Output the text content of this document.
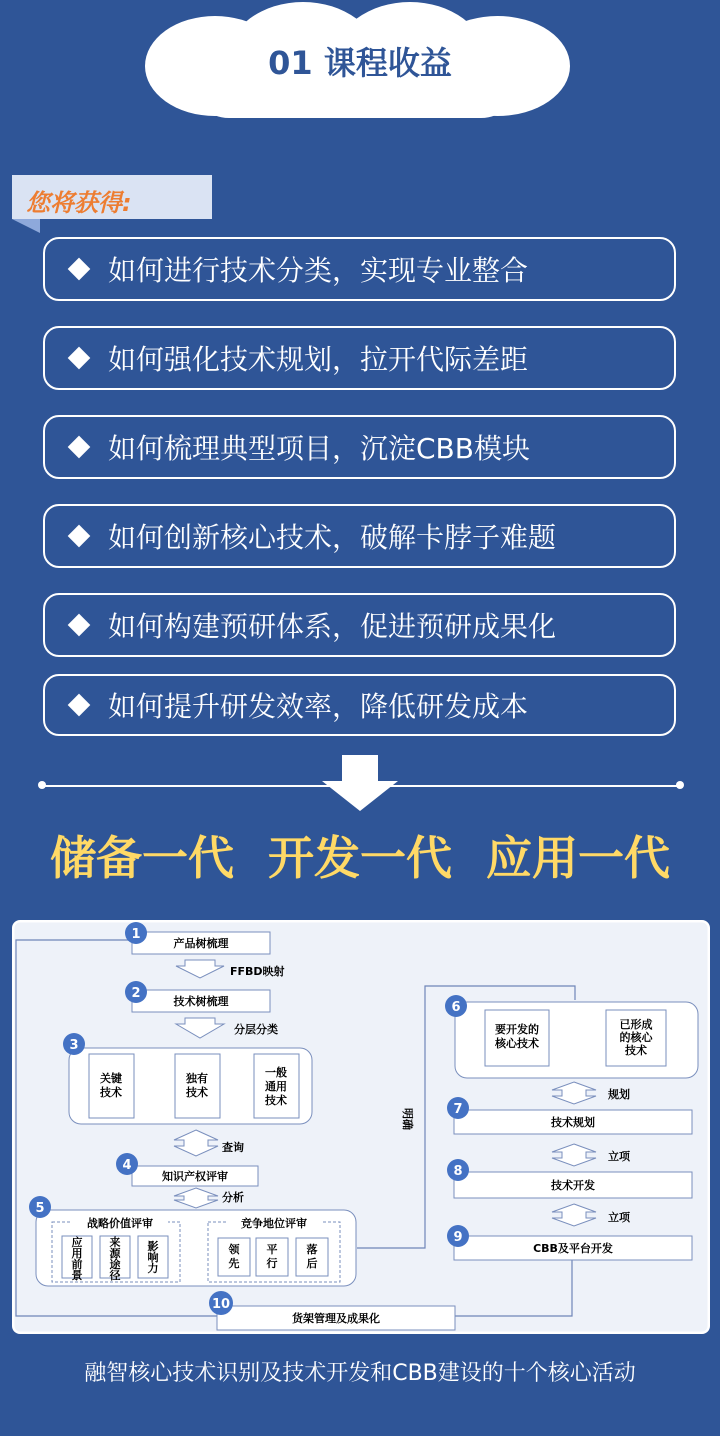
01 课程收益
您将获得:
如何进行技术分类，实现专业整合
如何强化技术规划，拉开代际差距
如何梳理典型项目，沉淀CBB模块
如何创新核心技术，破解卡脖子难题
如何构建预研体系，促进预研成果化
如何提升研发效率，降低研发成本
储备一代 开发一代 应用一代
产品树梳理
FFBD映射
技术树梳理
分层分类
关键
技术
独有
技术
一般
通用
技术
查询
知识产权评审
分析
战略价值评审
应
用
前
景
来
源
途
径
影
响
力
竞争地位评审
领
先
平
行
落
后
明确
要开发的
核心技术
已形成
的核心
技术
规划
技术规划
立项
技术开发
立项
CBB及平台开发
货架管理及成果化
1
2
3
4
5
6
7
8
9
10
融智核心技术识别及技术开发和CBB建设的十个核心活动
